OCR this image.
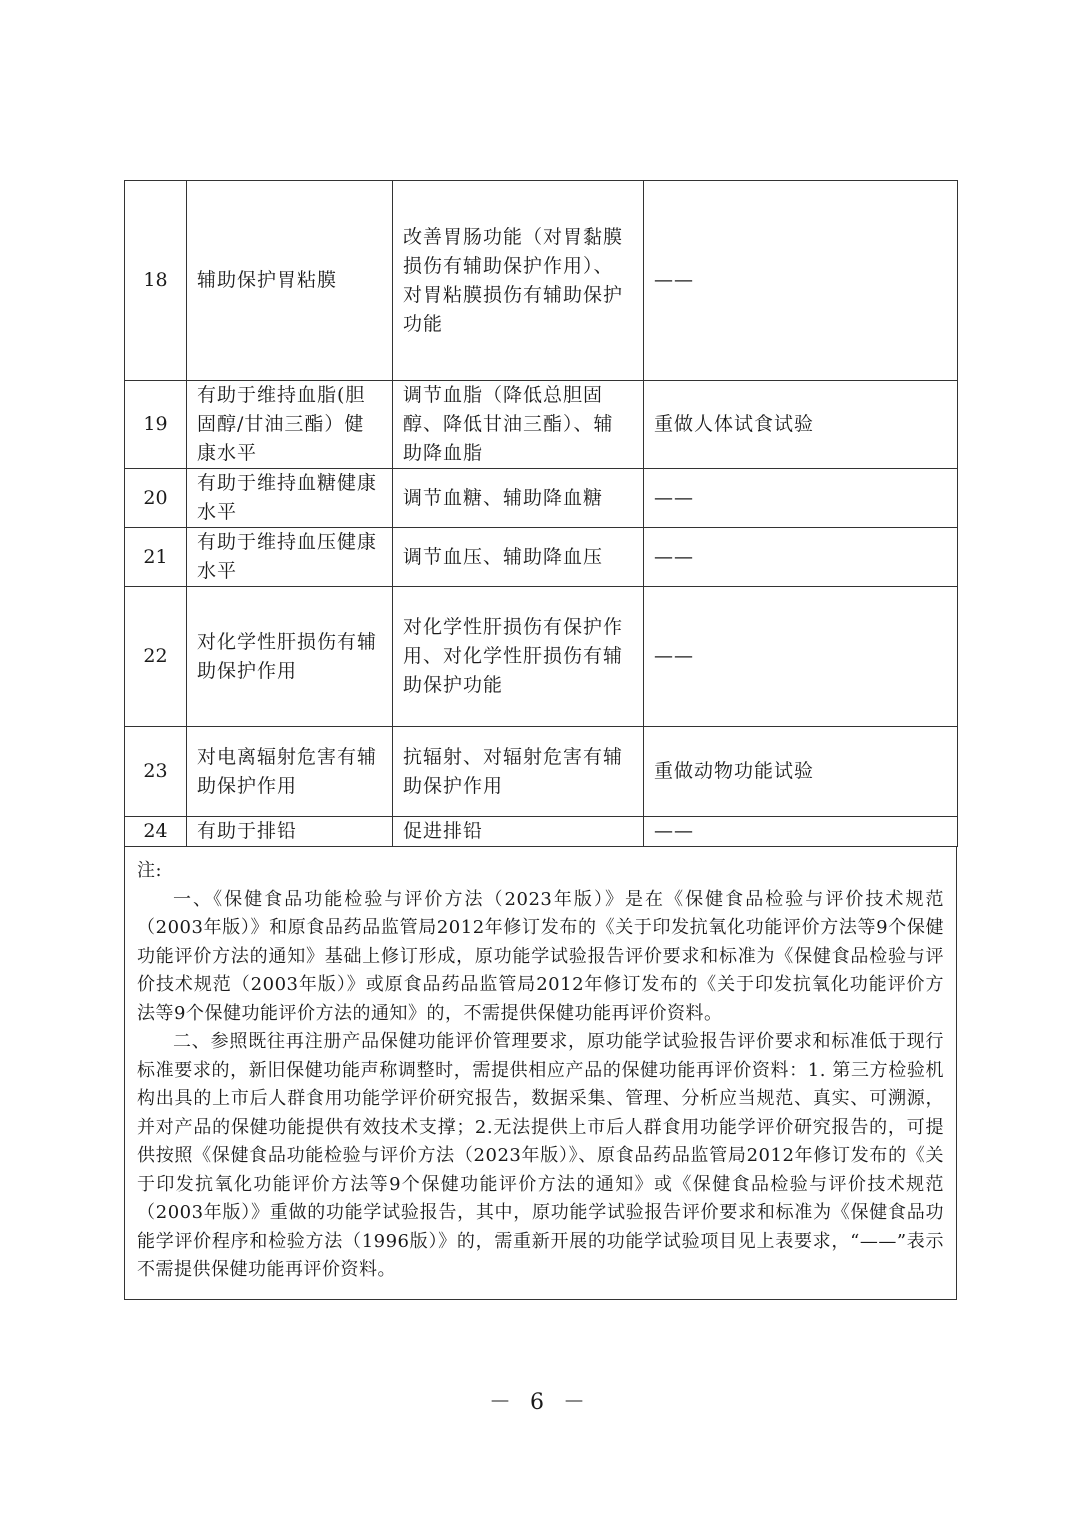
18	辅助保护胃粘膜	改善胃肠功能（对胃黏膜损伤有辅助保护作用）、对胃粘膜损伤有辅助保护功能	——
19	有助于维持血脂(胆固醇/甘油三酯）健康水平	调节血脂（降低总胆固醇、降低甘油三酯）、辅助降血脂	重做人体试食试验
20	有助于维持血糖健康水平	调节血糖、辅助降血糖	——
21	有助于维持血压健康水平	调节血压、辅助降血压	——
22	对化学性肝损伤有辅助保护作用	对化学性肝损伤有保护作用、对化学性肝损伤有辅助保护功能	——
23	对电离辐射危害有辅助保护作用	抗辐射、对辐射危害有辅助保护作用	重做动物功能试验
24	有助于排铅	促进排铅	——

注:

一、《保健食品功能检验与评价方法（2023年版）》是在《保健食品检验与评价技术规范（2003年版）》和原食品药品监管局2012年修订发布的《关于印发抗氧化功能评价方法等9个保健功能评价方法的通知》基础上修订形成，原功能学试验报告评价要求和标准为《保健食品检验与评价技术规范（2003年版）》或原食品药品监管局2012年修订发布的《关于印发抗氧化功能评价方法等9个保健功能评价方法的通知》的，不需提供保健功能再评价资料。

二、参照既往再注册产品保健功能评价管理要求，原功能学试验报告评价要求和标准低于现行标准要求的，新旧保健功能声称调整时，需提供相应产品的保健功能再评价资料：1. 第三方检验机构出具的上市后人群食用功能学评价研究报告，数据采集、管理、分析应当规范、真实、可溯源，并对产品的保健功能提供有效技术支撑；2.无法提供上市后人群食用功能学评价研究报告的，可提供按照《保健食品功能检验与评价方法（2023年版）》、原食品药品监管局2012年修订发布的《关于印发抗氧化功能评价方法等9个保健功能评价方法的通知》或《保健食品检验与评价技术规范（2003年版）》重做的功能学试验报告，其中，原功能学试验报告评价要求和标准为《保健食品功能学评价程序和检验方法（1996版）》的，需重新开展的功能学试验项目见上表要求，“——”表示不需提供保健功能再评价资料。

－ 6 －
